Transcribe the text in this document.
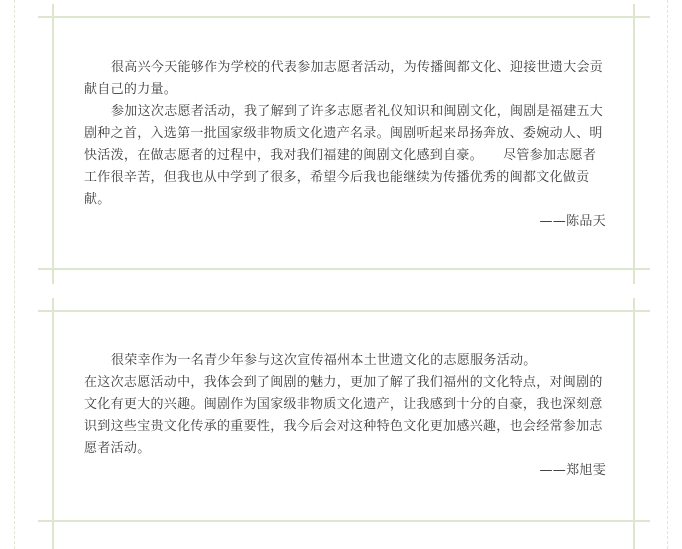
很高兴今天能够作为学校的代表参加志愿者活动，为传播闽都文化、迎接世遗大会贡献自己的力量。

参加这次志愿者活动，我了解到了许多志愿者礼仪知识和闽剧文化，闽剧是福建五大剧种之首，入选第一批国家级非物质文化遗产名录。闽剧听起来昂扬奔放、委婉动人、明快活泼，在做志愿者的过程中，我对我们福建的闽剧文化感到自豪。　　尽管参加志愿者工作很辛苦，但我也从中学到了很多，希望今后我也能继续为传播优秀的闽都文化做贡献。

——陈品天

很荣幸作为一名青少年参与这次宣传福州本土世遗文化的志愿服务活动。

在这次志愿活动中，我体会到了闽剧的魅力，更加了解了我们福州的文化特点，对闽剧的文化有更大的兴趣。闽剧作为国家级非物质文化遗产，让我感到十分的自豪，我也深刻意识到这些宝贵文化传承的重要性，我今后会对这种特色文化更加感兴趣，也会经常参加志愿者活动。

——郑旭雯
